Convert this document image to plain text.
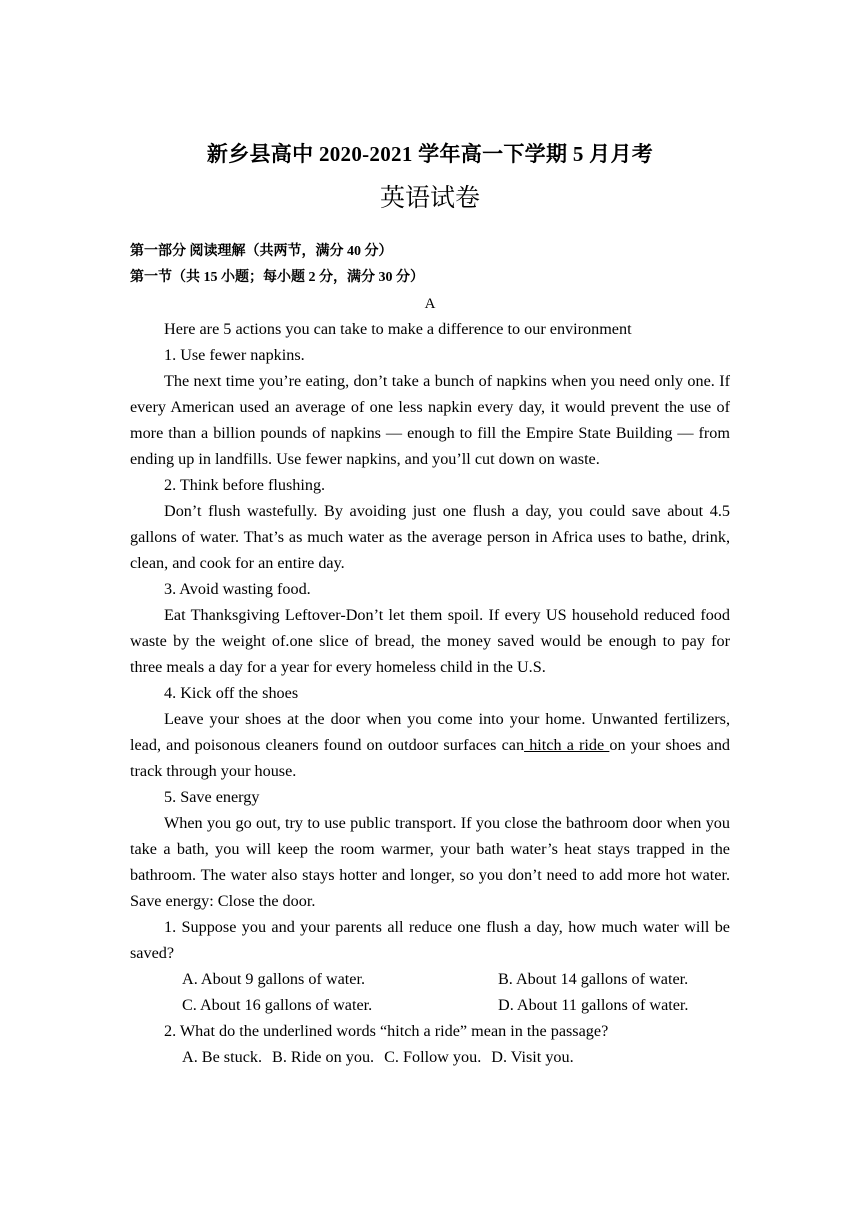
新乡县高中 2020-2021 学年高一下学期 5 月月考
英语试卷
第一部分 阅读理解（共两节，满分 40 分）
第一节（共 15 小题；每小题 2 分，满分 30 分）
A

Here are 5 actions you can take to make a difference to our environment

1. Use fewer napkins.

The next time you’re eating, don’t take a bunch of napkins when you need only one. If every American used an average of one less napkin every day, it would prevent the use of more than a billion pounds of napkins — enough to fill the Empire State Building — from ending up in landfills. Use fewer napkins, and you’ll cut down on waste.

2. Think before flushing.

Don’t flush wastefully. By avoiding just one flush a day, you could save about 4.5 gallons of water. That’s as much water as the average person in Africa uses to bathe, drink, clean, and cook for an entire day.

3. Avoid wasting food.

Eat Thanksgiving Leftover-Don’t let them spoil. If every US household reduced food waste by the weight of.one slice of bread, the money saved would be enough to pay for three meals a day for a year for every homeless child in the U.S.

4. Kick off the shoes

Leave your shoes at the door when you come into your home. Unwanted fertilizers, lead, and poisonous cleaners found on outdoor surfaces can hitch a ride on your shoes and track through your house.

5. Save energy

When you go out, try to use public transport. If you close the bathroom door when you take a bath, you will keep the room warmer, your bath water’s heat stays trapped in the bathroom. The water also stays hotter and longer, so you don’t need to add more hot water. Save energy: Close the door.

1. Suppose you and your parents all reduce one flush a day, how much water will be saved?

A. About 9 gallons of water.	B. About 14 gallons of water.
C. About 16 gallons of water.	D. About 11 gallons of water.

2. What do the underlined words “hitch a ride” mean in the passage?

A. Be stuck. B. Ride on you. C. Follow you. D. Visit you.
